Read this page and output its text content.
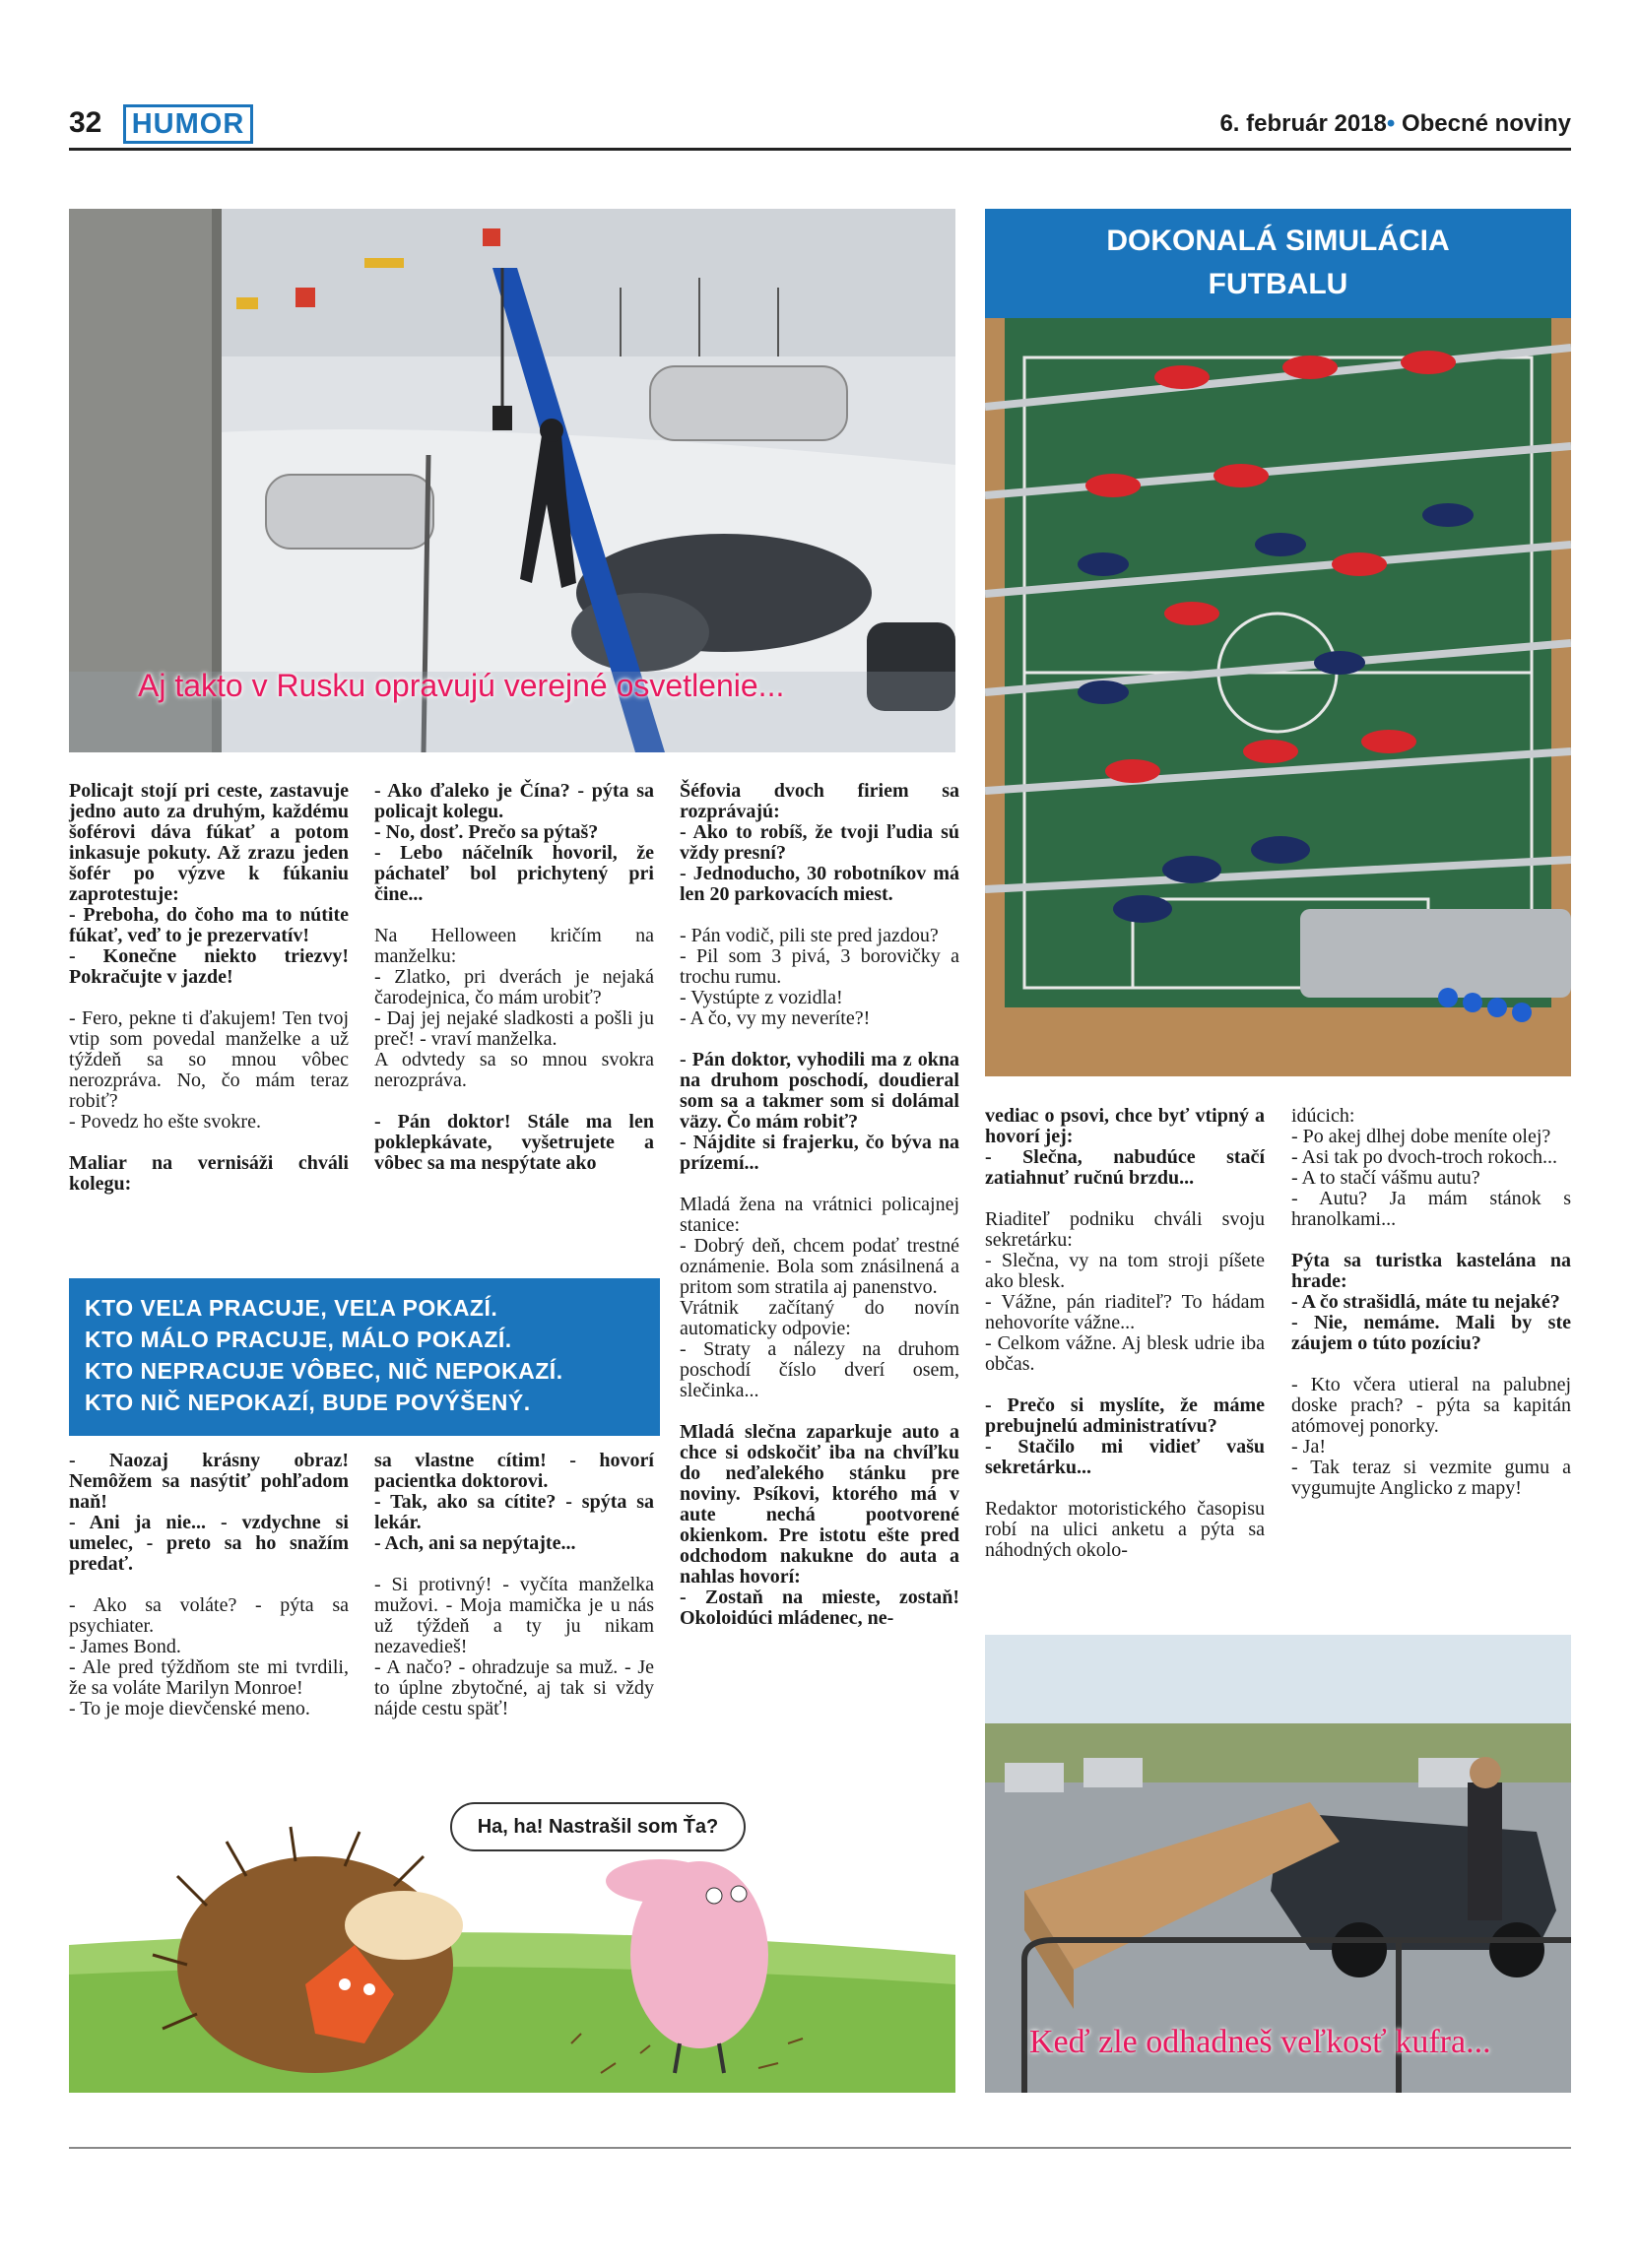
32	HUMOR	6. február 2018• Obecné noviny
Aj takto v Rusku opravujú verejné osvetlenie...
DOKONALÁ SIMULÁCIA
FUTBALU

Policajt stojí pri ceste, zastavuje jedno auto za druhým, každému šoférovi dáva fúkať a potom inkasuje pokuty. Až zrazu jeden šofér po výzve k fúkaniu zaprotestuje:

- Preboha, do čoho ma to nútite fúkať, veď to je prezervatív!

- Konečne niekto triezvy! Pokračujte v jazde!

- Fero, pekne ti ďakujem! Ten tvoj vtip som povedal manželke a už týždeň sa so mnou vôbec nerozpráva. No, čo mám teraz robiť?

- Povedz ho ešte svokre.

Maliar na vernisáži chváli kolegu:

- Ako ďaleko je Čína? - pýta sa policajt kolegu.

- No, dosť. Prečo sa pýtaš?

- Lebo náčelník hovoril, že páchateľ bol prichytený pri čine...

Na Helloween kričím na manželku:

- Zlatko, pri dverách je nejaká čarodejnica, čo mám urobiť?

- Daj jej nejaké sladkosti a pošli ju preč! - vraví manželka.

A odvtedy sa so mnou svokra nerozpráva.

- Pán doktor! Stále ma len poklepkávate, vyšetrujete a vôbec sa ma nespýtate ako

Šéfovia dvoch firiem sa rozprávajú:

- Ako to robíš, že tvoji ľudia sú vždy presní?

- Jednoducho, 30 robotníkov má len 20 parkovacích miest.

- Pán vodič, pili ste pred jazdou?

- Pil som 3 pivá, 3 borovičky a trochu rumu.

- Vystúpte z vozidla!

- A čo, vy my neveríte?!

- Pán doktor, vyhodili ma z okna na druhom poschodí, doudieral som sa a takmer som si dolámal väzy. Čo mám robiť?

- Nájdite si frajerku, čo býva na prízemí...

Mladá žena na vrátnici policajnej stanice:

- Dobrý deň, chcem podať trestné oznámenie. Bola som znásilnená a pritom som stratila aj panenstvo.

Vrátnik začítaný do novín automaticky odpovie:

- Straty a nálezy na druhom poschodí číslo dverí osem, slečinka...

Mladá slečna zaparkuje auto a chce si odskočiť iba na chvíľku do neďalekého stánku pre noviny. Psíkovi, ktorého má v aute nechá pootvorené okienkom. Pre istotu ešte pred odchodom nakukne do auta a nahlas hovorí:

- Zostaň na mieste, zostaň! Okoloidúci mládenec, ne-

KTO VEĽA PRACUJE, VEĽA POKAZÍ.
KTO MÁLO PRACUJE, MÁLO POKAZÍ.
KTO NEPRACUJE VÔBEC, NIČ NEPOKAZÍ.
KTO NIČ NEPOKAZÍ, BUDE POVÝŠENÝ.

- Naozaj krásny obraz! Nemôžem sa nasýtiť pohľadom naň!

- Ani ja nie... - vzdychne si umelec, - preto sa ho snažím predať.

- Ako sa voláte? - pýta sa psychiater.

- James Bond.

- Ale pred týždňom ste mi tvrdili, že sa voláte Marilyn Monroe!

- To je moje dievčenské meno.

sa vlastne cítim! - hovorí pacientka doktorovi.

- Tak, ako sa cítite? - spýta sa lekár.

- Ach, ani sa nepýtajte...

- Si protivný! - vyčíta manželka mužovi. - Moja mamička je u nás už týždeň a ty ju nikam nezavedieš!

- A načo? - ohradzuje sa muž. - Je to úplne zbytočné, aj tak si vždy nájde cestu späť!

vediac o psovi, chce byť vtipný a hovorí jej:

- Slečna, nabudúce stačí zatiahnuť ručnú brzdu...

Riaditeľ podniku chváli svoju sekretárku:

- Slečna, vy na tom stroji píšete ako blesk.

- Vážne, pán riaditeľ? To hádam nehovoríte vážne...

- Celkom vážne. Aj blesk udrie iba občas.

- Prečo si myslíte, že máme prebujnelú administratívu?

- Stačilo mi vidieť vašu sekretárku...

Redaktor motoristického časopisu robí na ulici anketu a pýta sa náhodných okolo-

idúcich:

- Po akej dlhej dobe meníte olej?

- Asi tak po dvoch-troch rokoch...

- A to stačí vášmu autu?

- Autu? Ja mám stánok s hranolkami...

Pýta sa turistka kastelána na hrade:

- A čo strašidlá, máte tu nejaké?

- Nie, nemáme. Mali by ste záujem o túto pozíciu?

- Kto včera utieral na palubnej doske prach? - pýta sa kapitán atómovej ponorky.

- Ja!

- Tak teraz si vezmite gumu a vygumujte Anglicko z mapy!

Ha, ha! Nastrašil som Ťa?
Keď zle odhadneš veľkosť kufra...
